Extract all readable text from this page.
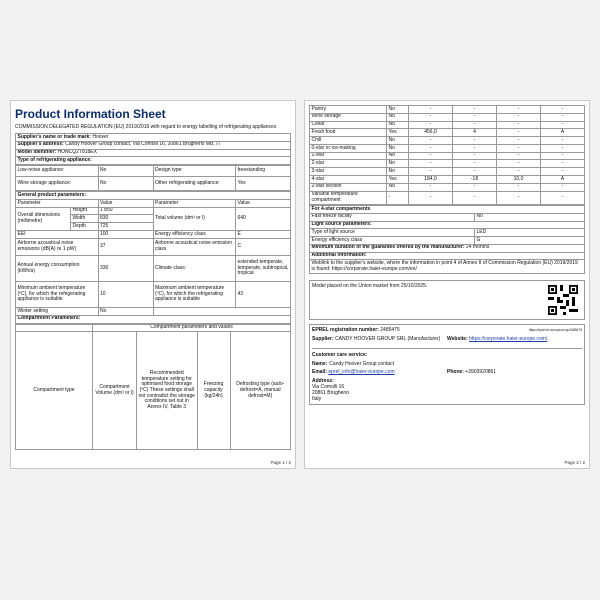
Product Information Sheet
COMMISSION DELEGATED REGULATION (EU) 2019/2016 with regard to energy labelling of refrigerating appliances
Supplier's name or trade mark: Hoover
Supplier's address: Candy Hoover Group contact, Via Comolli 16, 20861 Brugherio MB, IT
Model identifier: HONCQ2T818EX
Type of refrigerating appliance:
Low-noise appliance:	No	Design type:	freestanding
Wine storage appliance:	No	Other refrigerating appliance:	Yes
General product parameters:				
Parameter		Value	Parameter	Value
Overall dimensions (millimetre)	Height	1 850	Total volume (dm³ or l)	640
	Width	830		
	Depth	725		
EEI		100	Energy efficiency class	E
Airborne acoustical noise emissions (dB(A) re 1 pW)		37	Airborne acoustical noise emission class	C
Annual energy consumption (kWh/a)		330	Climate class:	extended temperate, temperate, subtropical, tropical
Minimum ambient temperature (ºC), for which the refrigerating appliance is suitable		10	Maximum ambient temperature (ºC), for which the refrigerating appliance is suitable	43
Winter setting		No		
Compartment Parameters:				
	Compartment parameters and values			
Compartment type	Compartment Volume (dm³ or l)	Recommended temperature setting for optimised food storage (ºC) These settings shall not contradict the storage conditions set out in Annex IV, Table 3	Freezing capacity (kg/24h)	Defrosting type (auto-defrost=A, manual defrost=M)
Page 1 / 2
Pantry	No	-	-	-	-
Wine storage	No	-	-	-	-
Cellar	No	-	-	-	-
Fresh food	Yes	456,0	4	-	A
Chill	No	-	-	-	-
0-star or ice-making	No	-	-	-	-
1-star	No	-	-	-	-
2-star	No	-	-	-	-
3-star	No	-	-	-	-
4-star	Yes	184,0	-18	10,0	A
2-star section	No	-	-	-	-
Variable temperature compartment	-	-	-	-	-
For 4-star compartments	
Fast freeze facility	No
Light source parameters:	
Type of light source	LED
Energy efficiency class	G
Minimum duration of the guarantee offered by the manufacturer: 24 months	
Additional information:	
Weblink to the supplier's website, where the information in point 4 of Annex II of Commission Regulation (EU) 2019/2019 is found: https://corporate.haier-europe.com/en/	
Model placed on the Union market from 25/10/2025.
EPREL registration number: 2485475	https://eprel.ec.europa.eu/qr/2485475
Supplier: CANDY HOOVER GROUP SRL (Manufacturer)	Website: https://corporate.haier-europe.com/
Customer care service:
Name: Candy Hoover Group contact
Email: eprel_info@haier-europe.com	Phone: +3903920861
Address:
Via Comolli 16
20861 Brugherio
Italy
Page 2 / 2
